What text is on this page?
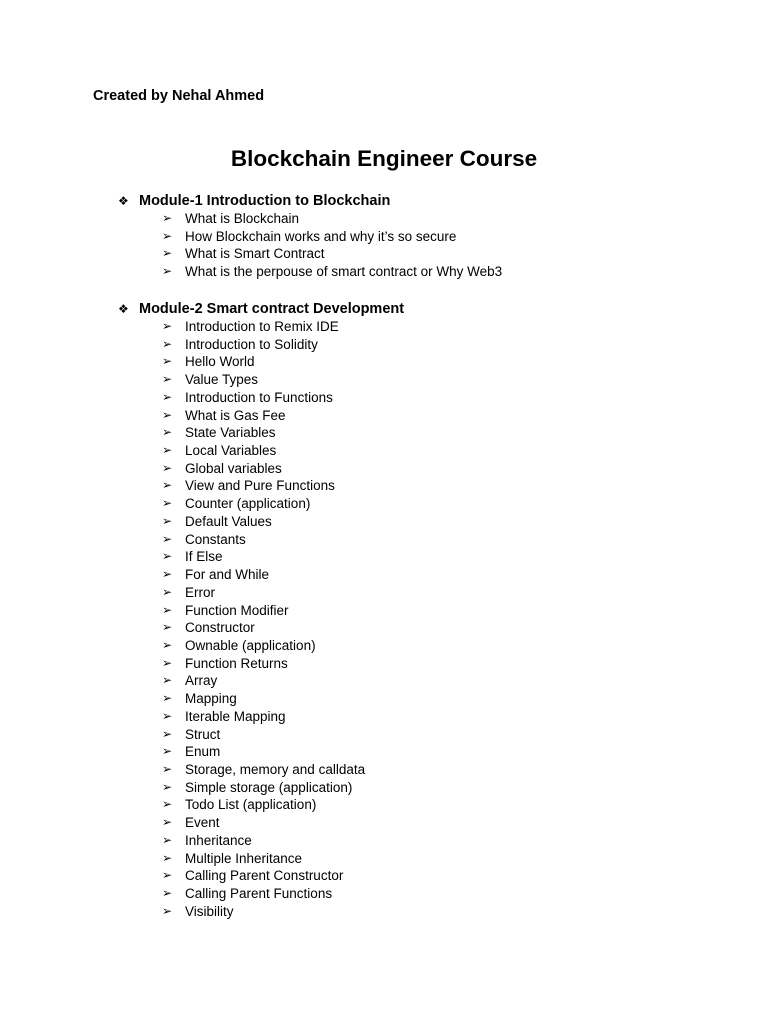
Created by Nehal Ahmed

Blockchain Engineer Course
❖ Module-1 Introduction to Blockchain
➢ What is Blockchain
➢ How Blockchain works and why it’s so secure
➢ What is Smart Contract
➢ What is the perpouse of smart contract or Why Web3
❖ Module-2 Smart contract Development
➢ Introduction to Remix IDE
➢ Introduction to Solidity
➢ Hello World
➢ Value Types
➢ Introduction to Functions
➢ What is Gas Fee
➢ State Variables
➢ Local Variables
➢ Global variables
➢ View and Pure Functions
➢ Counter (application)
➢ Default Values
➢ Constants
➢ If Else
➢ For and While
➢ Error
➢ Function Modifier
➢ Constructor
➢ Ownable (application)
➢ Function Returns
➢ Array
➢ Mapping
➢ Iterable Mapping
➢ Struct
➢ Enum
➢ Storage, memory and calldata
➢ Simple storage (application)
➢ Todo List (application)
➢ Event
➢ Inheritance
➢ Multiple Inheritance
➢ Calling Parent Constructor
➢ Calling Parent Functions
➢ Visibility
